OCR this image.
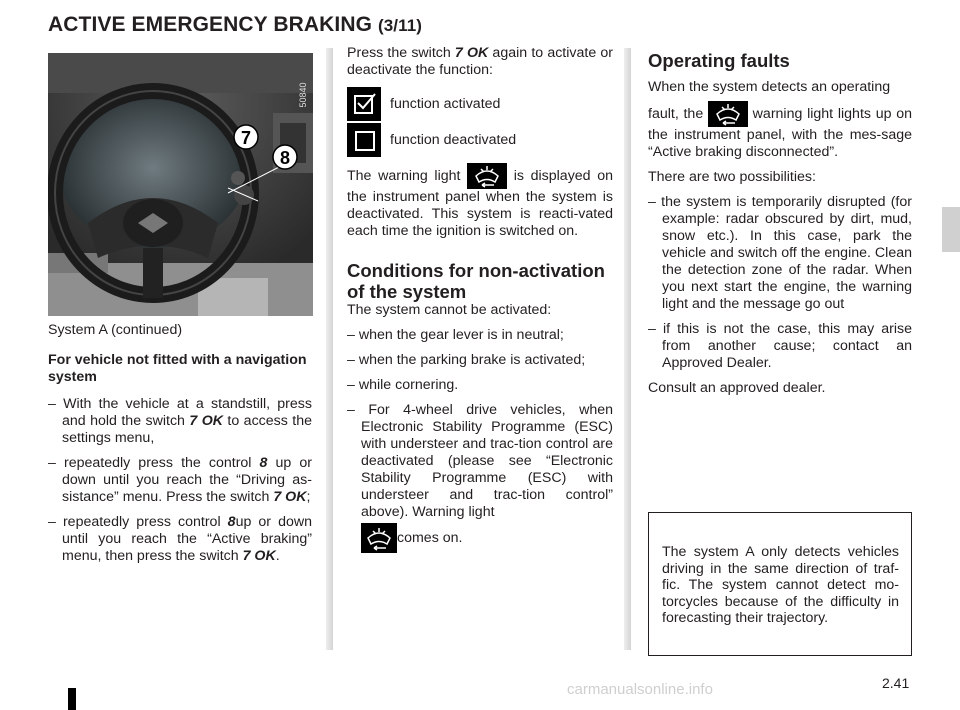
ACTIVE EMERGENCY BRAKING (3/11)
7
8
50840

System A (continued)

For vehicle not fitted with a navigation system

– With the vehicle at a standstill, press and hold the switch 7 OK to access the settings menu,

– repeatedly press the control 8 up or down until you reach the “Driving as-sistance” menu. Press the switch 7 OK;

– repeatedly press control 8up or down until you reach the “Active braking” menu, then press the switch 7 OK.

Press the switch 7 OK again to activate or deactivate the function:

function activated
function deactivated

The warning light	is displayed on the instrument panel when the system is deactivated. This system is reacti-vated each time the ignition is switched on.

Conditions for non-activation of the system

The system cannot be activated:

– when the gear lever is in neutral;

– when the parking brake is activated;

– while cornering.

– For 4-wheel drive vehicles, when Electronic Stability Programme (ESC) with understeer and trac-tion control are deactivated (please see “Electronic Stability Programme (ESC) with understeer and trac-tion control” above). Warning light

comes on.

Operating faults

When the system detects an operating

fault, the	warning light lights up on the instrument panel, with the mes-sage “Active braking disconnected”.

There are two possibilities:

– the system is temporarily disrupted (for example: radar obscured by dirt, mud, snow etc.). In this case, park the vehicle and switch off the engine. Clean the detection zone of the radar. When you next start the engine, the warning light and the message go out

– if this is not the case, this may arise from another cause; contact an Approved Dealer.

Consult an approved dealer.

The system A only detects vehicles driving in the same direction of traf-fic. The system cannot detect mo-torcycles because of the difficulty in forecasting their trajectory.

2.41
carmanualsonline.info
